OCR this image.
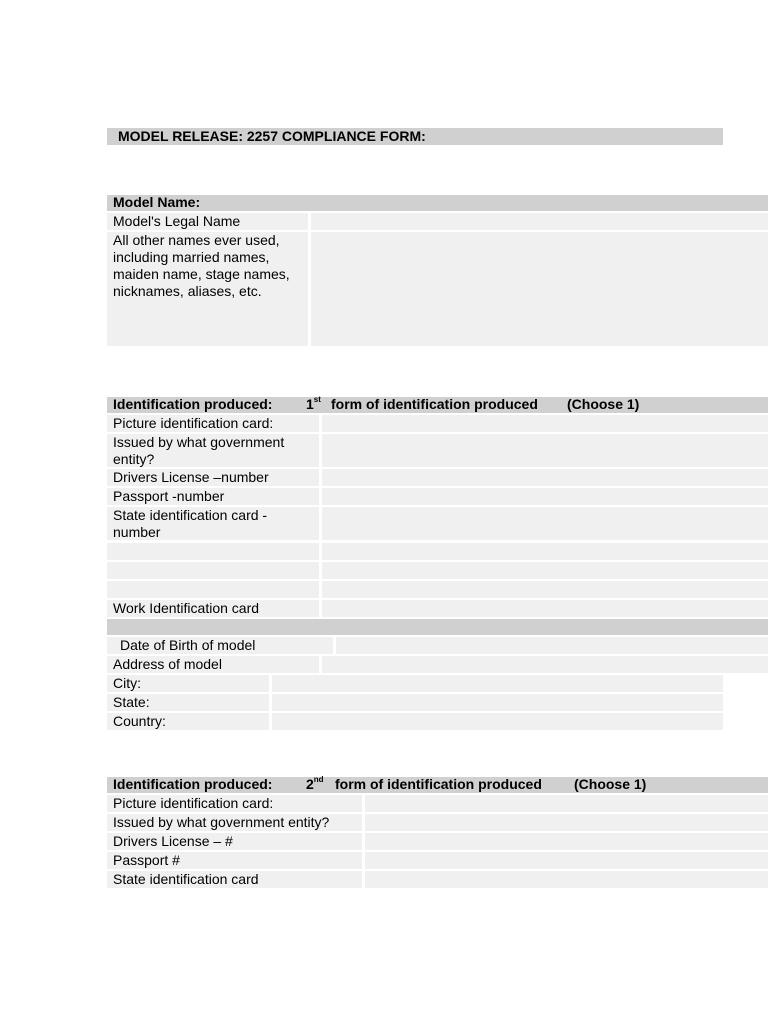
MODEL RELEASE: 2257 COMPLIANCE FORM:
Model Name:
Model's Legal Name
All other names ever used, including married names, maiden name, stage names, nicknames, aliases, etc.
Identification produced: 1st form of identification produced (Choose 1)
Picture identification card:
Issued by what government entity?
Drivers License –number
Passport -number
State identification card - number
Work Identification card
Date of Birth of model
Address of model
City:
State:
Country:
Identification produced: 2nd form of identification produced (Choose 1)
Picture identification card:
Issued by what government entity?
Drivers License – #
Passport #
State identification card
